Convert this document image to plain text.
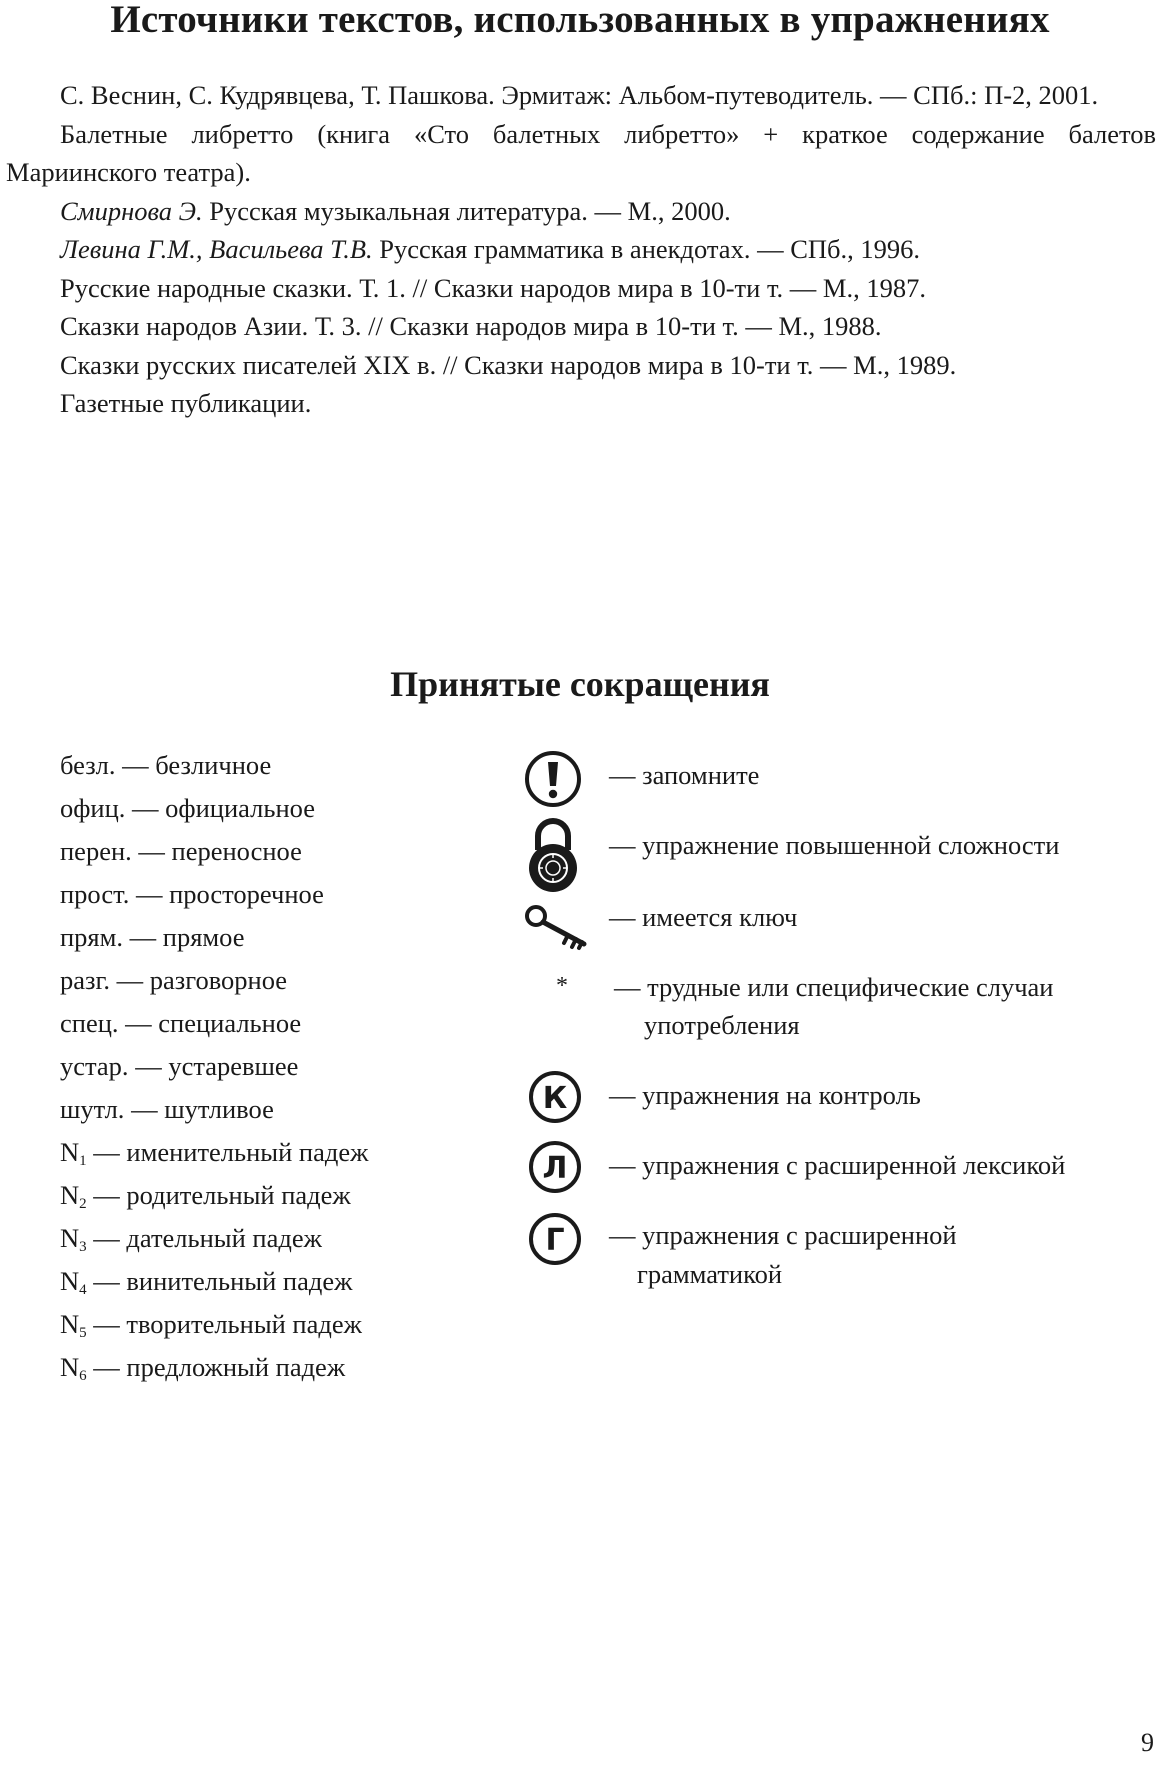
Источники текстов, использованных в упражнениях

С. Веснин, С. Кудрявцева, Т. Пашкова. Эрмитаж: Альбом-путеводитель. — СПб.: П-2, 2001.

Балетные либретто (книга «Сто балетных либретто» + краткое содержание балетов Мариинского театра).

Смирнова Э. Русская музыкальная литература. — М., 2000.

Левина Г.М., Васильева Т.В. Русская грамматика в анекдотах. — СПб., 1996.

Русские народные сказки. Т. 1. // Сказки народов мира в 10-ти т. — М., 1987.

Сказки народов Азии. Т. 3. // Сказки народов мира в 10-ти т. — М., 1988.

Сказки русских писателей XIX в. // Сказки народов мира в 10-ти т. — М., 1989.

Газетные публикации.

Принятые сокращения
безл. — безличное
офиц. — официальное
перен. — переносное
прост. — просторечное
прям. — прямое
разг. — разговорное
спец. — специальное
устар. — устаревшее
шутл. — шутливое
$N_1$ — именительный падеж
$N_2$ — родительный падеж
$N_3$ — дательный падеж
$N_4$ — винительный падеж
$N_5$ — творительный падеж
$N_6$ — предложный падеж
— запомните
— упражнение повышенной сложности
— имеется ключ
* — трудные или специфические случаи
употребления
К — упражнения на контроль
Л — упражнения с расширенной лексикой
Г — упражнения с расширенной
грамматикой
9
